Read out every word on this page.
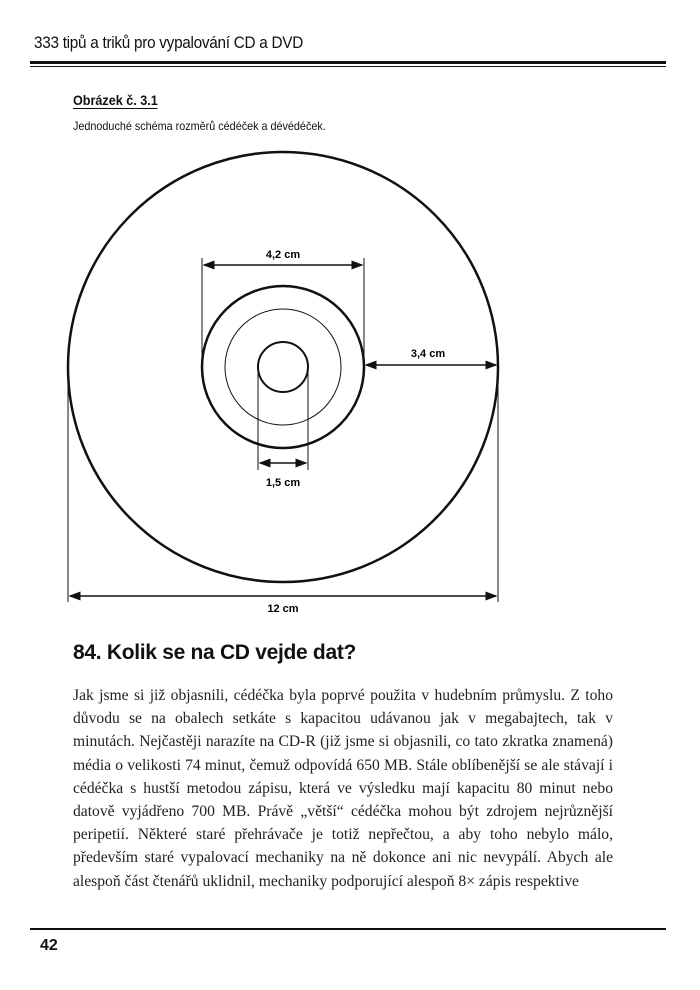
333 tipů a triků pro vypalování CD a DVD
Obrázek č. 3.1
Jednoduché schéma rozměrů cédéček a dévédéček.
4,2 cm
3,4 cm
1,5 cm
12 cm
84. Kolik se na CD vejde dat?
Jak jsme si již objasnili, cédéčka byla poprvé použita v hudebním průmyslu. Z toho důvodu se na obalech setkáte s kapacitou udávanou jak v megabajtech, tak v minutách. Nejčastěji narazíte na CD-R (již jsme si objasnili, co tato zkratka znamená) média o velikosti 74 minut, čemuž odpovídá 650 MB. Stále oblíbenější se ale stávají i cédéčka s hustší metodou zápisu, která ve výsledku mají kapacitu 80 minut nebo datově vyjádřeno 700 MB. Právě „větší“ cédéčka mohou být zdrojem nejrůznější peripetií. Některé staré přehrávače je totiž nepřečtou, a aby toho nebylo málo, především staré vypalovací mechaniky na ně dokonce ani nic nevypálí. Abych ale alespoň část čtenářů uklidnil, mechaniky podporující alespoň 8× zápis respektive
42
